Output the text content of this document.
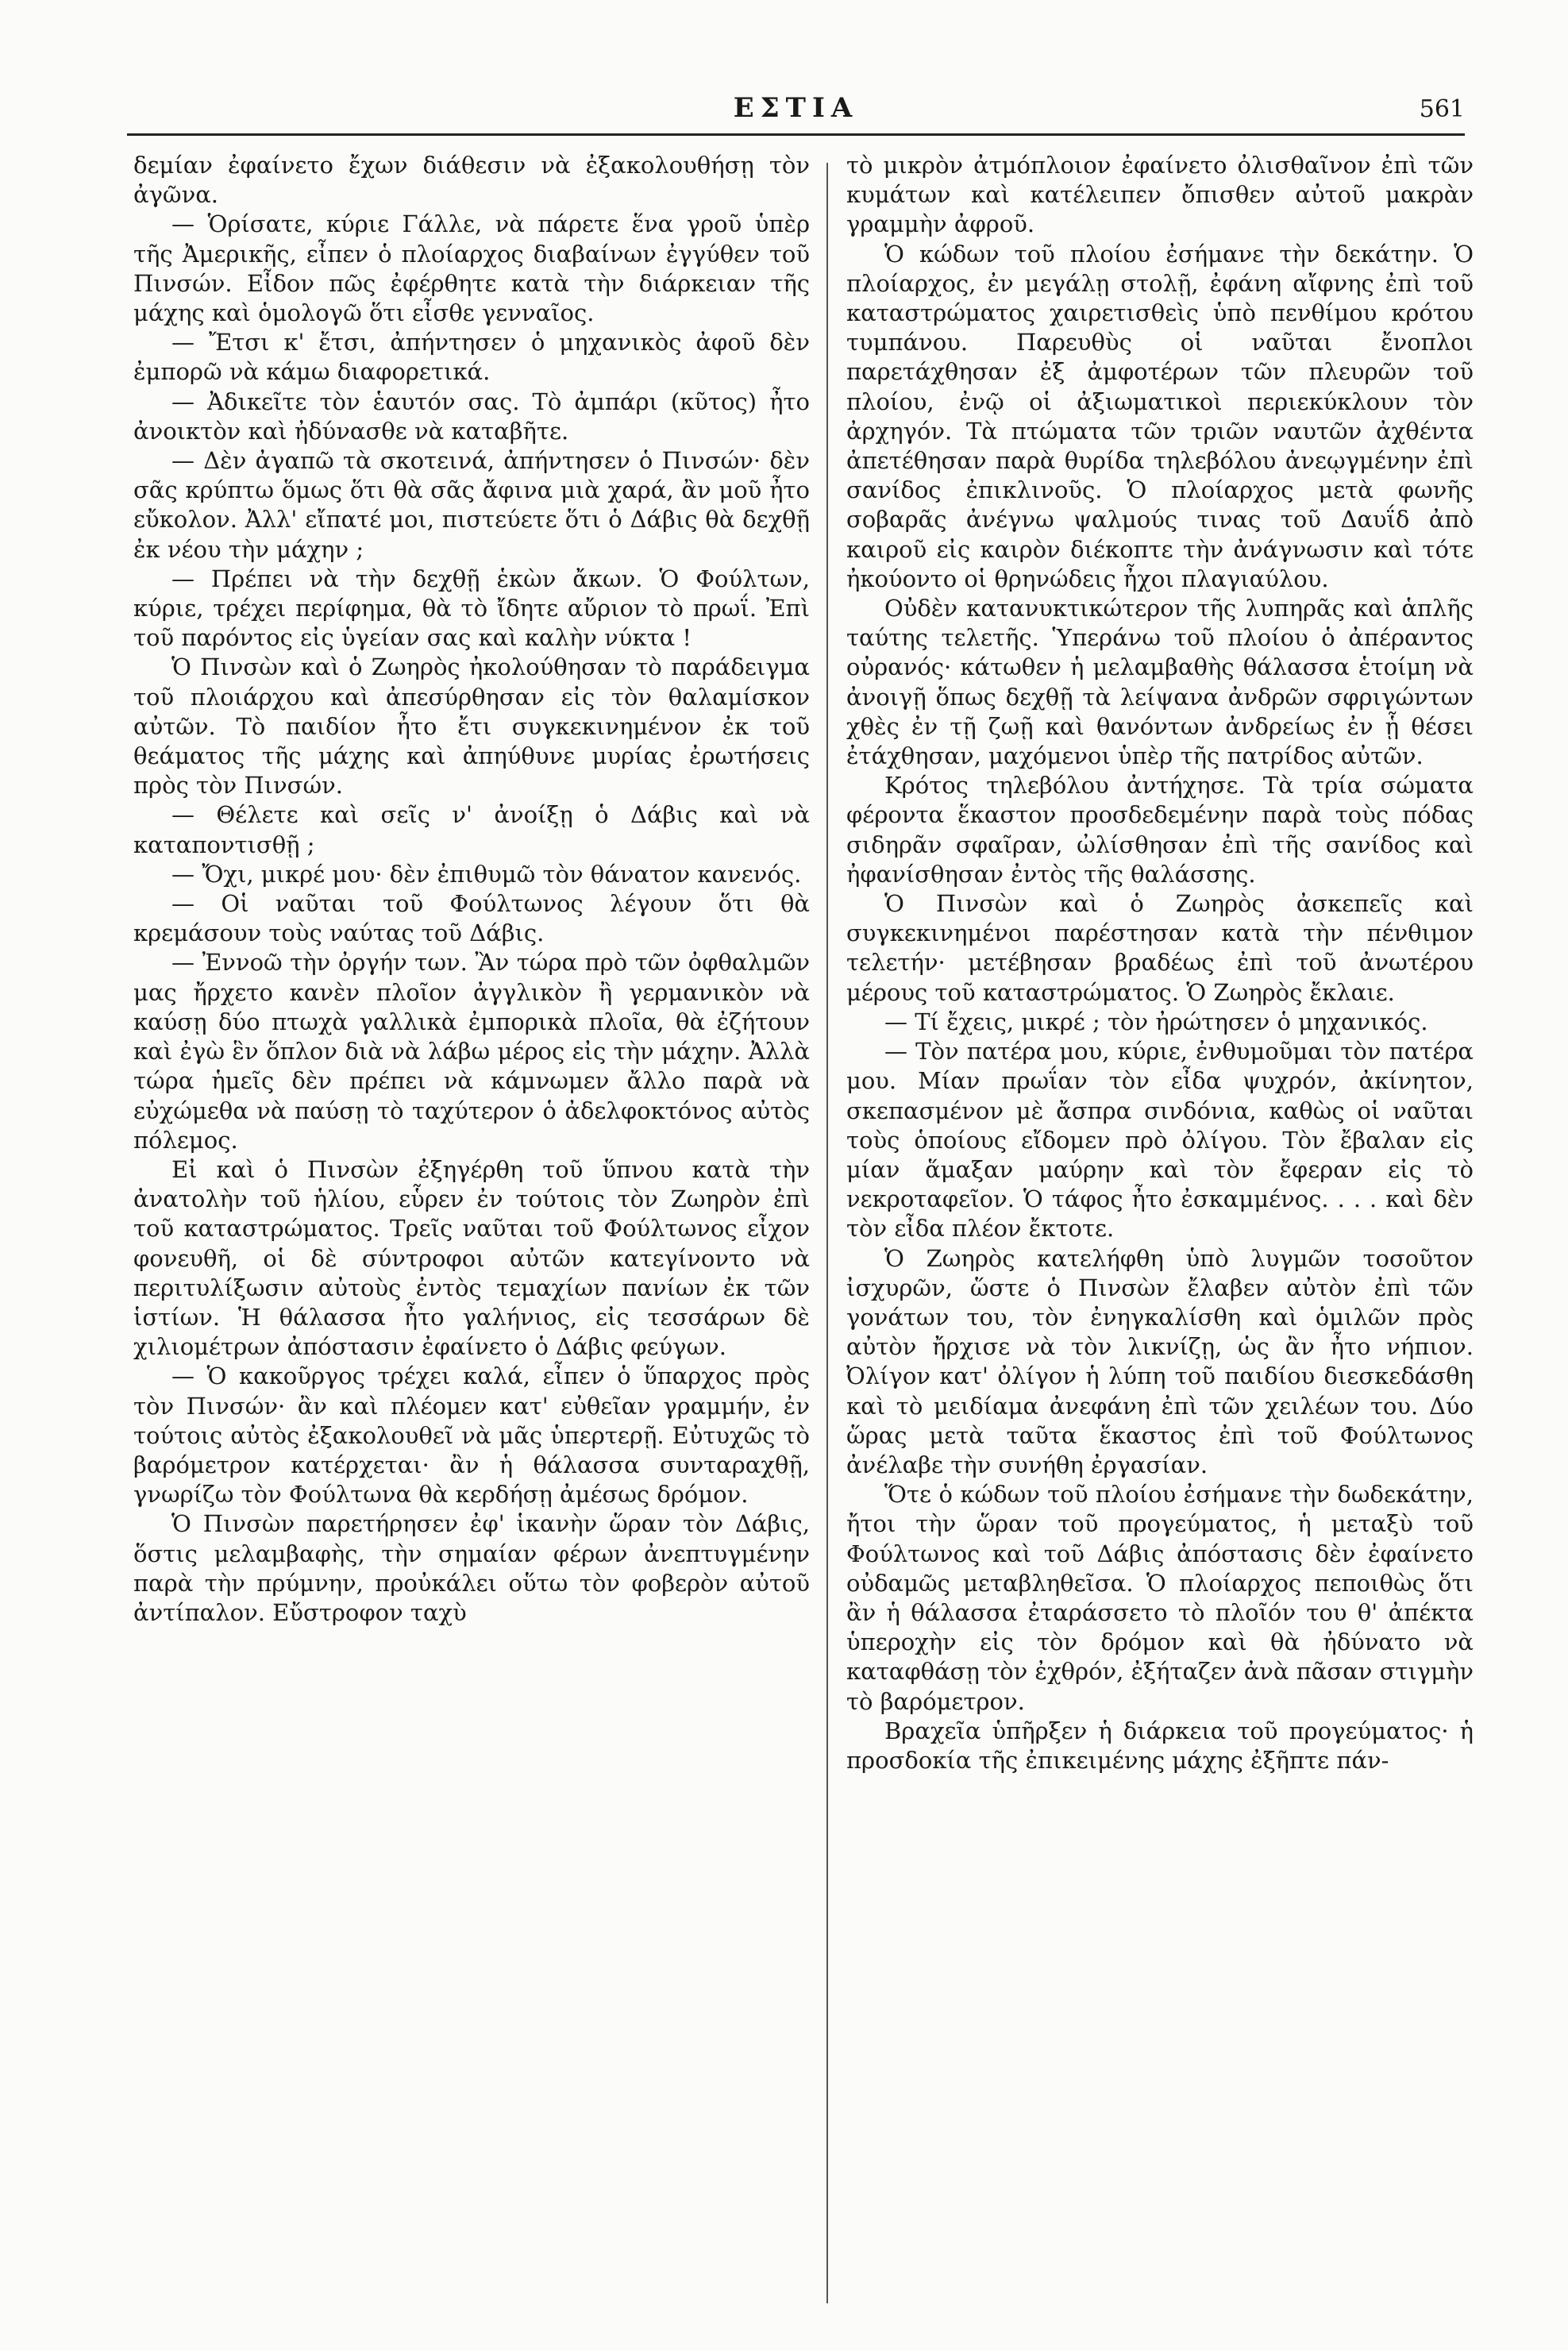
ΕΣΤΙΑ	561

δεμίαν ἐφαίνετο ἔχων διάθεσιν νὰ ἐξακολουθήσῃ τὸν ἀγῶνα.

— Ὁρίσατε, κύριε Γάλλε, νὰ πάρετε ἕνα γροῦ ὑπὲρ τῆς Ἀμερικῆς, εἶπεν ὁ πλοίαρχος διαβαίνων ἐγγύθεν τοῦ Πινσών. Εἶδον πῶς ἐφέρθητε κατὰ τὴν διάρκειαν τῆς μάχης καὶ ὁμολογῶ ὅτι εἶσθε γενναῖος.

— Ἔτσι κ' ἔτσι, ἀπήντησεν ὁ μηχανικὸς ἀφοῦ δὲν ἐμπορῶ νὰ κάμω διαφορετικά.

— Ἀδικεῖτε τὸν ἑαυτόν σας. Τὸ ἀμπάρι (κῦτος) ἦτο ἀνοικτὸν καὶ ἠδύνασθε νὰ καταβῆτε.

— Δὲν ἀγαπῶ τὰ σκοτεινά, ἀπήντησεν ὁ Πινσών· δὲν σᾶς κρύπτω ὅμως ὅτι θὰ σᾶς ἄφινα μιὰ χαρά, ἂν μοῦ ἦτο εὔκολον. Ἀλλ' εἴπατέ μοι, πιστεύετε ὅτι ὁ Δάβις θὰ δεχθῇ ἐκ νέου τὴν μάχην ;

— Πρέπει νὰ τὴν δεχθῇ ἑκὼν ἄκων. Ὁ Φούλτων, κύριε, τρέχει περίφημα, θὰ τὸ ἴδητε αὔριον τὸ πρωΐ. Ἐπὶ τοῦ παρόντος εἰς ὑγείαν σας καὶ καλὴν νύκτα !

Ὁ Πινσὼν καὶ ὁ Ζωηρὸς ἠκολούθησαν τὸ παράδειγμα τοῦ πλοιάρχου καὶ ἀπεσύρθησαν εἰς τὸν θαλαμίσκον αὐτῶν. Τὸ παιδίον ἦτο ἔτι συγκεκινημένον ἐκ τοῦ θεάματος τῆς μάχης καὶ ἀπηύθυνε μυρίας ἐρωτήσεις πρὸς τὸν Πινσών.

— Θέλετε καὶ σεῖς ν' ἀνοίξῃ ὁ Δάβις καὶ νὰ καταποντισθῇ ;

— Ὄχι, μικρέ μου· δὲν ἐπιθυμῶ τὸν θάνατον κανενός.

— Οἱ ναῦται τοῦ Φούλτωνος λέγουν ὅτι θὰ κρεμάσουν τοὺς ναύτας τοῦ Δάβις.

— Ἐννοῶ τὴν ὀργήν των. Ἂν τώρα πρὸ τῶν ὀφθαλμῶν μας ἤρχετο κανὲν πλοῖον ἀγγλικὸν ἢ γερμανικὸν νὰ καύσῃ δύο πτωχὰ γαλλικὰ ἐμπορικὰ πλοῖα, θὰ ἐζήτουν καὶ ἐγὼ ἓν ὅπλον διὰ νὰ λάβω μέρος εἰς τὴν μάχην. Ἀλλὰ τώρα ἡμεῖς δὲν πρέπει νὰ κάμνωμεν ἄλλο παρὰ νὰ εὐχώμεθα νὰ παύσῃ τὸ ταχύτερον ὁ ἀδελφοκτόνος αὐτὸς πόλεμος.

Εἰ καὶ ὁ Πινσὼν ἐξηγέρθη τοῦ ὕπνου κατὰ τὴν ἀνατολὴν τοῦ ἡλίου, εὗρεν ἐν τούτοις τὸν Ζωηρὸν ἐπὶ τοῦ καταστρώματος. Τρεῖς ναῦται τοῦ Φούλτωνος εἶχον φονευθῆ, οἱ δὲ σύντροφοι αὐτῶν κατεγίνοντο νὰ περιτυλίξωσιν αὐτοὺς ἐντὸς τεμαχίων πανίων ἐκ τῶν ἱστίων. Ἡ θάλασσα ἦτο γαλήνιος, εἰς τεσσάρων δὲ χιλιομέτρων ἀπόστασιν ἐφαίνετο ὁ Δάβις φεύγων.

— Ὁ κακοῦργος τρέχει καλά, εἶπεν ὁ ὕπαρχος πρὸς τὸν Πινσών· ἂν καὶ πλέομεν κατ' εὐθεῖαν γραμμήν, ἐν τούτοις αὐτὸς ἐξακολουθεῖ νὰ μᾶς ὑπερτερῇ. Εὐτυχῶς τὸ βαρόμετρον κατέρχεται· ἂν ἡ θάλασσα συνταραχθῇ, γνωρίζω τὸν Φούλτωνα θὰ κερδήσῃ ἀμέσως δρόμον.

Ὁ Πινσὼν παρετήρησεν ἐφ' ἱκανὴν ὥραν τὸν Δάβις, ὅστις μελαμβαφὴς, τὴν σημαίαν φέρων ἀνεπτυγμένην παρὰ τὴν πρύμνην, προὐκάλει οὕτω τὸν φοβερὸν αὐτοῦ ἀντίπαλον. Εὔστροφον ταχὺ

τὸ μικρὸν ἀτμόπλοιον ἐφαίνετο ὀλισθαῖνον ἐπὶ τῶν κυμάτων καὶ κατέλειπεν ὄπισθεν αὐτοῦ μακρὰν γραμμὴν ἀφροῦ.

Ὁ κώδων τοῦ πλοίου ἐσήμανε τὴν δεκάτην. Ὁ πλοίαρχος, ἐν μεγάλῃ στολῇ, ἐφάνη αἴφνης ἐπὶ τοῦ καταστρώματος χαιρετισθεὶς ὑπὸ πενθίμου κρότου τυμπάνου. Παρευθὺς οἱ ναῦται ἔνοπλοι παρετάχθησαν ἐξ ἀμφοτέρων τῶν πλευρῶν τοῦ πλοίου, ἐνῷ οἱ ἀξιωματικοὶ περιεκύκλουν τὸν ἀρχηγόν. Τὰ πτώματα τῶν τριῶν ναυτῶν ἀχθέντα ἀπετέθησαν παρὰ θυρίδα τηλεβόλου ἀνεῳγμένην ἐπὶ σανίδος ἐπικλινοῦς. Ὁ πλοίαρχος μετὰ φωνῆς σοβαρᾶς ἀνέγνω ψαλμούς τινας τοῦ Δαυΐδ ἀπὸ καιροῦ εἰς καιρὸν διέκοπτε τὴν ἀνάγνωσιν καὶ τότε ἠκούοντο οἱ θρηνώδεις ἦχοι πλαγιαύλου.

Οὐδὲν κατανυκτικώτερον τῆς λυπηρᾶς καὶ ἁπλῆς ταύτης τελετῆς. Ὑπεράνω τοῦ πλοίου ὁ ἀπέραντος οὐρανός· κάτωθεν ἡ μελαμβαθὴς θάλασσα ἑτοίμη νὰ ἀνοιγῇ ὅπως δεχθῇ τὰ λείψανα ἀνδρῶν σφριγώντων χθὲς ἐν τῇ ζωῇ καὶ θανόντων ἀνδρείως ἐν ᾗ θέσει ἐτάχθησαν, μαχόμενοι ὑπὲρ τῆς πατρίδος αὐτῶν.

Κρότος τηλεβόλου ἀντήχησε. Τὰ τρία σώματα φέροντα ἕκαστον προσδεδεμένην παρὰ τοὺς πόδας σιδηρᾶν σφαῖραν, ὠλίσθησαν ἐπὶ τῆς σανίδος καὶ ἠφανίσθησαν ἐντὸς τῆς θαλάσσης.

Ὁ Πινσὼν καὶ ὁ Ζωηρὸς ἀσκεπεῖς καὶ συγκεκινημένοι παρέστησαν κατὰ τὴν πένθιμον τελετήν· μετέβησαν βραδέως ἐπὶ τοῦ ἀνωτέρου μέρους τοῦ καταστρώματος. Ὁ Ζωηρὸς ἔκλαιε.

— Τί ἔχεις, μικρέ ; τὸν ἠρώτησεν ὁ μηχανικός.

— Τὸν πατέρα μου, κύριε, ἐνθυμοῦμαι τὸν πατέρα μου. Μίαν πρωΐαν τὸν εἶδα ψυχρόν, ἀκίνητον, σκεπασμένον μὲ ἄσπρα σινδόνια, καθὼς οἱ ναῦται τοὺς ὁποίους εἴδομεν πρὸ ὀλίγου. Τὸν ἔβαλαν εἰς μίαν ἅμαξαν μαύρην καὶ τὸν ἔφεραν εἰς τὸ νεκροταφεῖον. Ὁ τάφος ἦτο ἐσκαμμένος. . . . καὶ δὲν τὸν εἶδα πλέον ἔκτοτε.

Ὁ Ζωηρὸς κατελήφθη ὑπὸ λυγμῶν τοσοῦτον ἰσχυρῶν, ὥστε ὁ Πινσὼν ἔλαβεν αὐτὸν ἐπὶ τῶν γονάτων του, τὸν ἐνηγκαλίσθη καὶ ὁμιλῶν πρὸς αὐτὸν ἤρχισε νὰ τὸν λικνίζῃ, ὡς ἂν ἦτο νήπιον. Ὀλίγον κατ' ὀλίγον ἡ λύπη τοῦ παιδίου διεσκεδάσθη καὶ τὸ μειδίαμα ἀνεφάνη ἐπὶ τῶν χειλέων του. Δύο ὥρας μετὰ ταῦτα ἕκαστος ἐπὶ τοῦ Φούλτωνος ἀνέλαβε τὴν συνήθη ἐργασίαν.

Ὅτε ὁ κώδων τοῦ πλοίου ἐσήμανε τὴν δωδεκάτην, ἤτοι τὴν ὥραν τοῦ προγεύματος, ἡ μεταξὺ τοῦ Φούλτωνος καὶ τοῦ Δάβις ἀπόστασις δὲν ἐφαίνετο οὐδαμῶς μεταβληθεῖσα. Ὁ πλοίαρχος πεποιθὼς ὅτι ἂν ἡ θάλασσα ἐταράσσετο τὸ πλοῖόν του θ' ἀπέκτα ὑπεροχὴν εἰς τὸν δρόμον καὶ θὰ ἠδύνατο νὰ καταφθάσῃ τὸν ἐχθρόν, ἐξήταζεν ἀνὰ πᾶσαν στιγμὴν τὸ βαρόμετρον.

Βραχεῖα ὑπῆρξεν ἡ διάρκεια τοῦ προγεύματος· ἡ προσδοκία τῆς ἐπικειμένης μάχης ἐξῆπτε πάν-
